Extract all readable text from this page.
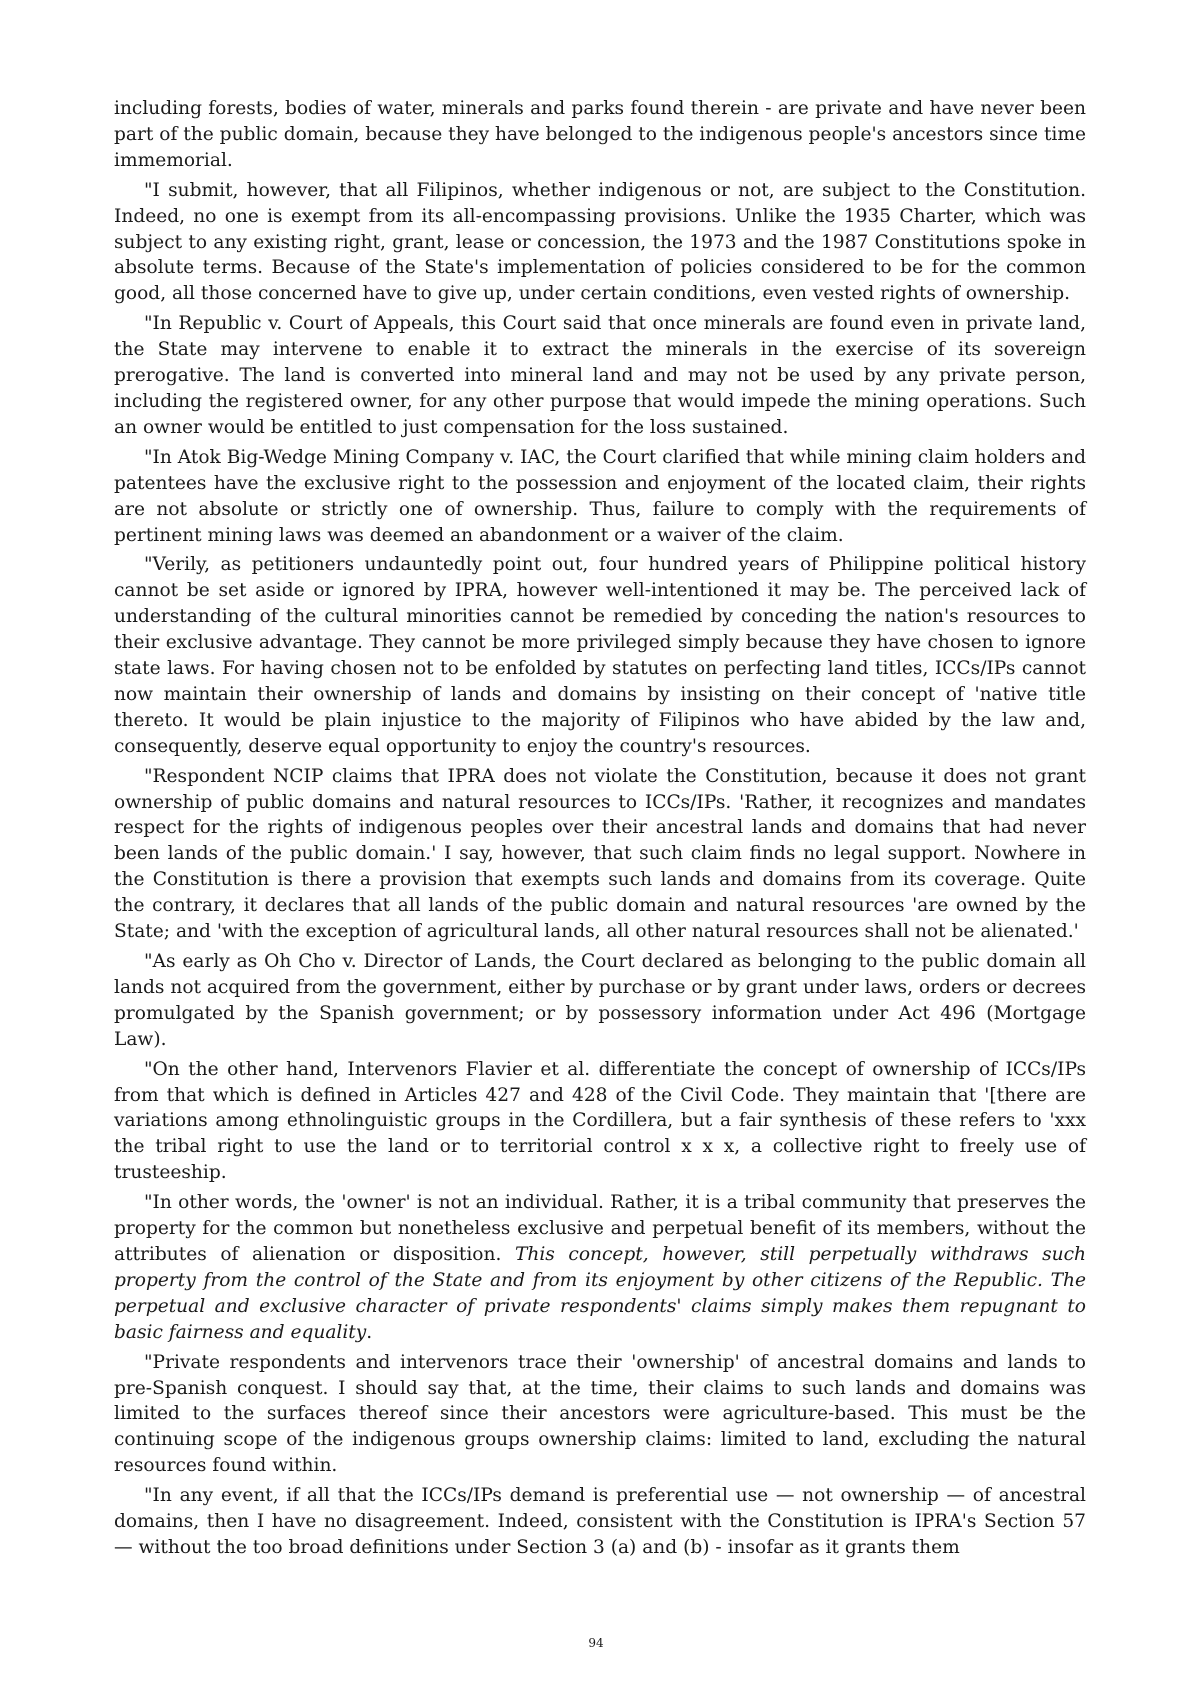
including forests, bodies of water, minerals and parks found therein - are private and have never been part of the public domain, because they have belonged to the indigenous people's ancestors since time immemorial.

"I submit, however, that all Filipinos, whether indigenous or not, are subject to the Constitution. Indeed, no one is exempt from its all-encompassing provisions. Unlike the 1935 Charter, which was subject to any existing right, grant, lease or concession, the 1973 and the 1987 Constitutions spoke in absolute terms. Because of the State's implementation of policies considered to be for the common good, all those concerned have to give up, under certain conditions, even vested rights of ownership.

"In Republic v. Court of Appeals, this Court said that once minerals are found even in private land, the State may intervene to enable it to extract the minerals in the exercise of its sovereign prerogative. The land is converted into mineral land and may not be used by any private person, including the registered owner, for any other purpose that would impede the mining operations. Such an owner would be entitled to just compensation for the loss sustained.

"In Atok Big-Wedge Mining Company v. IAC, the Court clarified that while mining claim holders and patentees have the exclusive right to the possession and enjoyment of the located claim, their rights are not absolute or strictly one of ownership. Thus, failure to comply with the requirements of pertinent mining laws was deemed an abandonment or a waiver of the claim.

"Verily, as petitioners undauntedly point out, four hundred years of Philippine political history cannot be set aside or ignored by IPRA, however well-intentioned it may be. The perceived lack of understanding of the cultural minorities cannot be remedied by conceding the nation's resources to their exclusive advantage. They cannot be more privileged simply because they have chosen to ignore state laws. For having chosen not to be enfolded by statutes on perfecting land titles, ICCs/IPs cannot now maintain their ownership of lands and domains by insisting on their concept of 'native title thereto. It would be plain injustice to the majority of Filipinos who have abided by the law and, consequently, deserve equal opportunity to enjoy the country's resources.

"Respondent NCIP claims that IPRA does not violate the Constitution, because it does not grant ownership of public domains and natural resources to ICCs/IPs. 'Rather, it recognizes and mandates respect for the rights of indigenous peoples over their ancestral lands and domains that had never been lands of the public domain.' I say, however, that such claim finds no legal support. Nowhere in the Constitution is there a provision that exempts such lands and domains from its coverage. Quite the contrary, it declares that all lands of the public domain and natural resources 'are owned by the State; and 'with the exception of agricultural lands, all other natural resources shall not be alienated.'

"As early as Oh Cho v. Director of Lands, the Court declared as belonging to the public domain all lands not acquired from the government, either by purchase or by grant under laws, orders or decrees promulgated by the Spanish government; or by possessory information under Act 496 (Mortgage Law).

"On the other hand, Intervenors Flavier et al. differentiate the concept of ownership of ICCs/IPs from that which is defined in Articles 427 and 428 of the Civil Code. They maintain that '[there are variations among ethnolinguistic groups in the Cordillera, but a fair synthesis of these refers to 'xxx the tribal right to use the land or to territorial control x x x, a collective right to freely use of trusteeship.

"In other words, the 'owner' is not an individual. Rather, it is a tribal community that preserves the property for the common but nonetheless exclusive and perpetual benefit of its members, without the attributes of alienation or disposition. This concept, however, still perpetually withdraws such property from the control of the State and from its enjoyment by other citizens of the Republic. The perpetual and exclusive character of private respondents' claims simply makes them repugnant to basic fairness and equality.

"Private respondents and intervenors trace their 'ownership' of ancestral domains and lands to pre-Spanish conquest. I should say that, at the time, their claims to such lands and domains was limited to the surfaces thereof since their ancestors were agriculture-based. This must be the continuing scope of the indigenous groups ownership claims: limited to land, excluding the natural resources found within.

"In any event, if all that the ICCs/IPs demand is preferential use — not ownership — of ancestral domains, then I have no disagreement. Indeed, consistent with the Constitution is IPRA's Section 57 — without the too broad definitions under Section 3 (a) and (b) - insofar as it grants them

94
